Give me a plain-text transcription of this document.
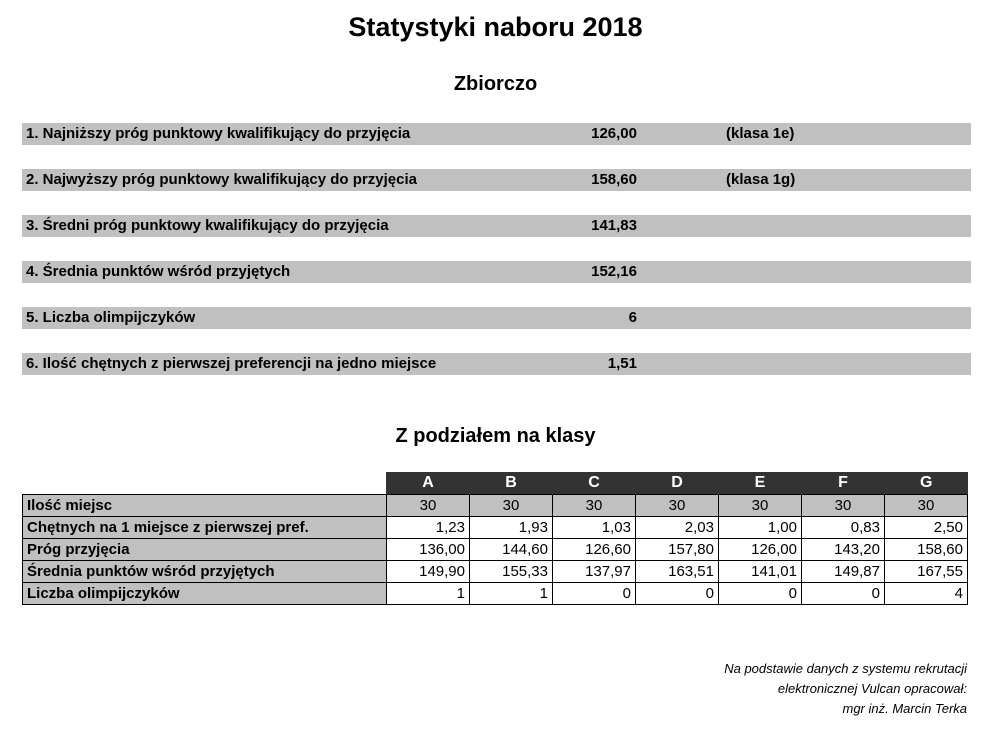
Statystyki naboru 2018
Zbiorczo
1. Najniższy próg punktowy kwalifikujący do przyjęcia	126,00	(klasa 1e)
2. Najwyższy próg punktowy kwalifikujący do przyjęcia	158,60	(klasa 1g)
3. Średni próg punktowy kwalifikujący do przyjęcia	141,83
4. Średnia punktów wśród przyjętych	152,16
5. Liczba olimpijczyków	6
6. Ilość chętnych z pierwszej preferencji na jedno miejsce	1,51
Z podziałem na klasy
	A	B	C	D	E	F	G
Ilość miejsc	30	30	30	30	30	30	30
Chętnych na 1 miejsce z pierwszej pref.	1,23	1,93	1,03	2,03	1,00	0,83	2,50
Próg przyjęcia	136,00	144,60	126,60	157,80	126,00	143,20	158,60
Średnia punktów wśród przyjętych	149,90	155,33	137,97	163,51	141,01	149,87	167,55
Liczba olimpijczyków	1	1	0	0	0	0	4
Na podstawie danych z systemu rekrutacji
elektronicznej Vulcan opracował:
mgr inż. Marcin Terka
